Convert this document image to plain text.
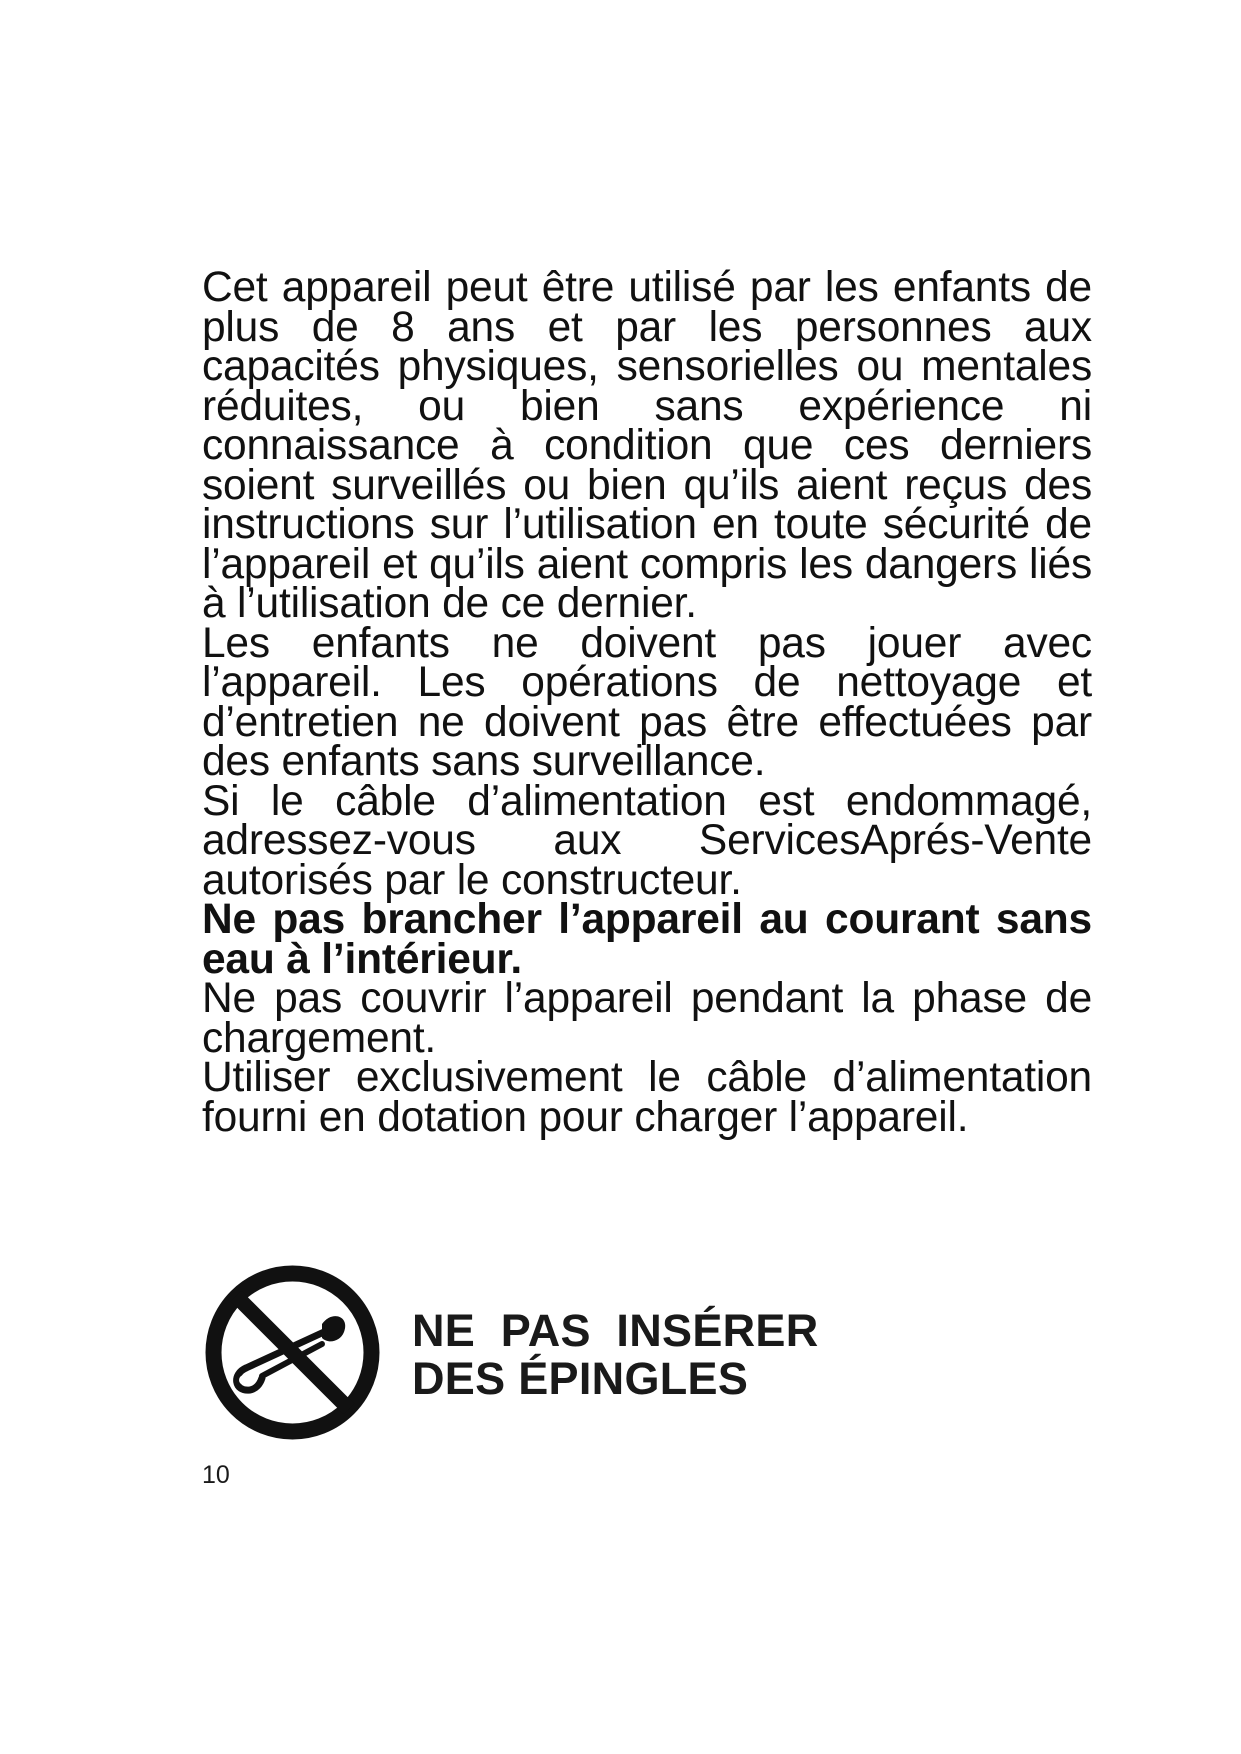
Cet appareil peut être utilisé par les enfants de plus de 8 ans et par les personnes aux capacités physiques, sensorielles ou mentales réduites, ou bien sans expérience ni connaissance à condition que ces derniers soient surveillés ou bien qu’ils aient reçus des instructions sur l’utilisation en toute sécurité de l’appareil et qu’ils aient compris les dangers liés à l’utilisation de ce dernier.

Les enfants ne doivent pas jouer avec l’appareil. Les opérations de nettoyage et d’entretien ne doivent pas être effectuées par des enfants sans surveillance.

Si le câble d’alimentation est endommagé, adressez-vous aux ServicesAprés-Vente autorisés par le constructeur.

Ne pas brancher l’appareil au courant sans eau à l’intérieur.

Ne pas couvrir l’appareil pendant la phase de chargement.

Utiliser exclusivement le câble d’alimentation fourni en dotation pour charger l’appareil.

NE  PAS  INSÉRER
DES ÉPINGLES
10
